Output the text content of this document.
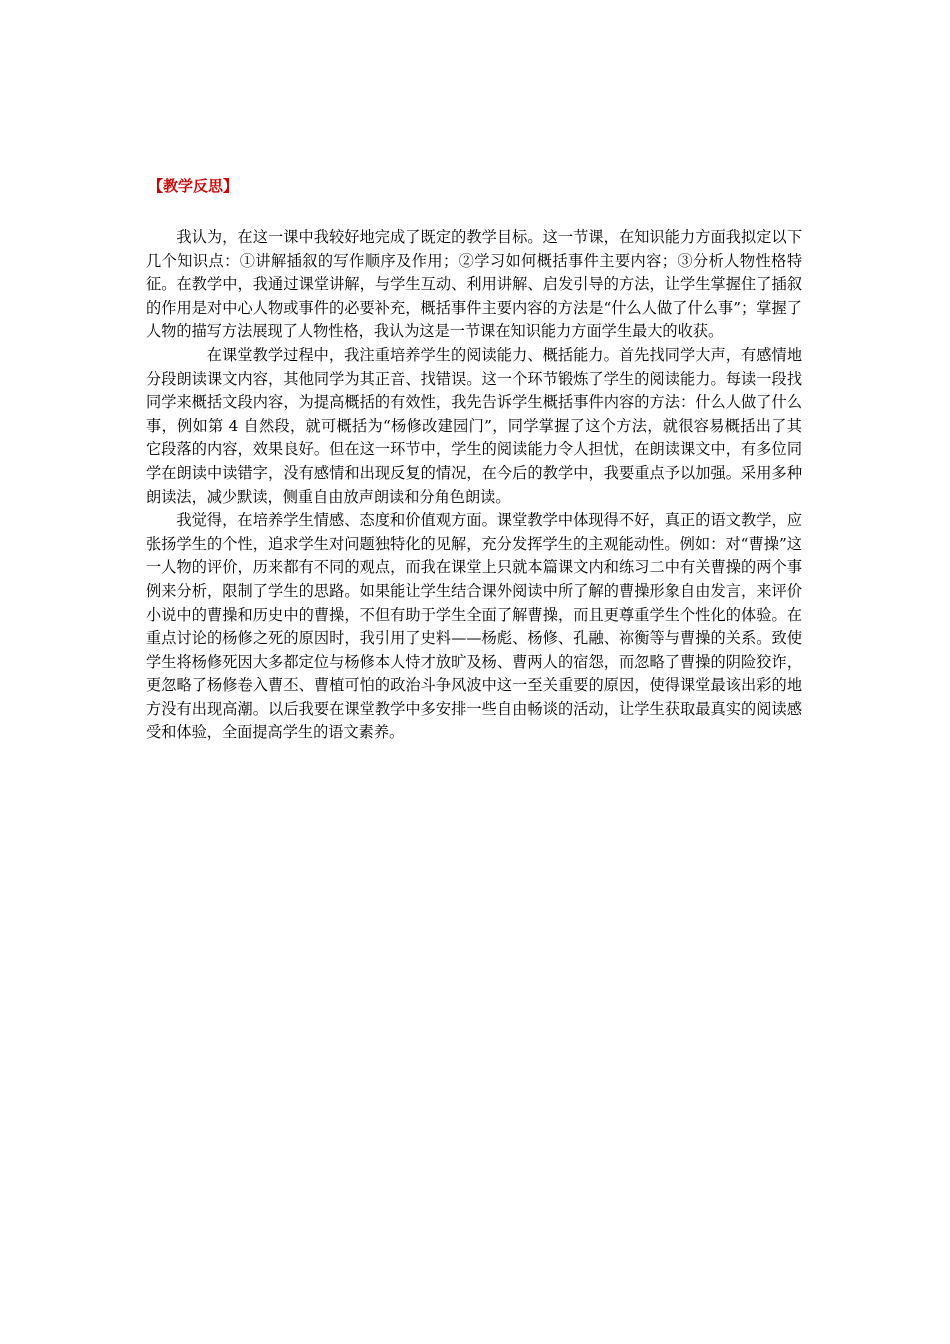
【教学反思】

我认为，在这一课中我较好地完成了既定的教学目标。这一节课，在知识能力方面我拟定以下几个知识点：①讲解插叙的写作顺序及作用；②学习如何概括事件主要内容；③分析人物性格特征。在教学中，我通过课堂讲解，与学生互动、利用讲解、启发引导的方法，让学生掌握住了插叙的作用是对中心人物或事件的必要补充，概括事件主要内容的方法是“什么人做了什么事”；掌握了人物的描写方法展现了人物性格，我认为这是一节课在知识能力方面学生最大的收获。

在课堂教学过程中，我注重培养学生的阅读能力、概括能力。首先找同学大声，有感情地分段朗读课文内容，其他同学为其正音、找错误。这一个环节锻炼了学生的阅读能力。每读一段找同学来概括文段内容，为提高概括的有效性，我先告诉学生概括事件内容的方法：什么人做了什么事，例如第 4 自然段，就可概括为“杨修改建园门”，同学掌握了这个方法，就很容易概括出了其它段落的内容，效果良好。但在这一环节中，学生的阅读能力令人担忧，在朗读课文中，有多位同学在朗读中读错字，没有感情和出现反复的情况，在今后的教学中，我要重点予以加强。采用多种朗读法，减少默读，侧重自由放声朗读和分角色朗读。

我觉得，在培养学生情感、态度和价值观方面。课堂教学中体现得不好，真正的语文教学，应张扬学生的个性，追求学生对问题独特化的见解，充分发挥学生的主观能动性。例如：对“曹操”这一人物的评价，历来都有不同的观点，而我在课堂上只就本篇课文内和练习二中有关曹操的两个事例来分析，限制了学生的思路。如果能让学生结合课外阅读中所了解的曹操形象自由发言，来评价小说中的曹操和历史中的曹操，不但有助于学生全面了解曹操，而且更尊重学生个性化的体验。在重点讨论的杨修之死的原因时，我引用了史料——杨彪、杨修、孔融、祢衡等与曹操的关系。致使学生将杨修死因大多都定位与杨修本人恃才放旷及杨、曹两人的宿怨，而忽略了曹操的阴险狡诈，更忽略了杨修卷入曹丕、曹植可怕的政治斗争风波中这一至关重要的原因，使得课堂最该出彩的地方没有出现高潮。以后我要在课堂教学中多安排一些自由畅谈的活动，让学生获取最真实的阅读感受和体验，全面提高学生的语文素养。
